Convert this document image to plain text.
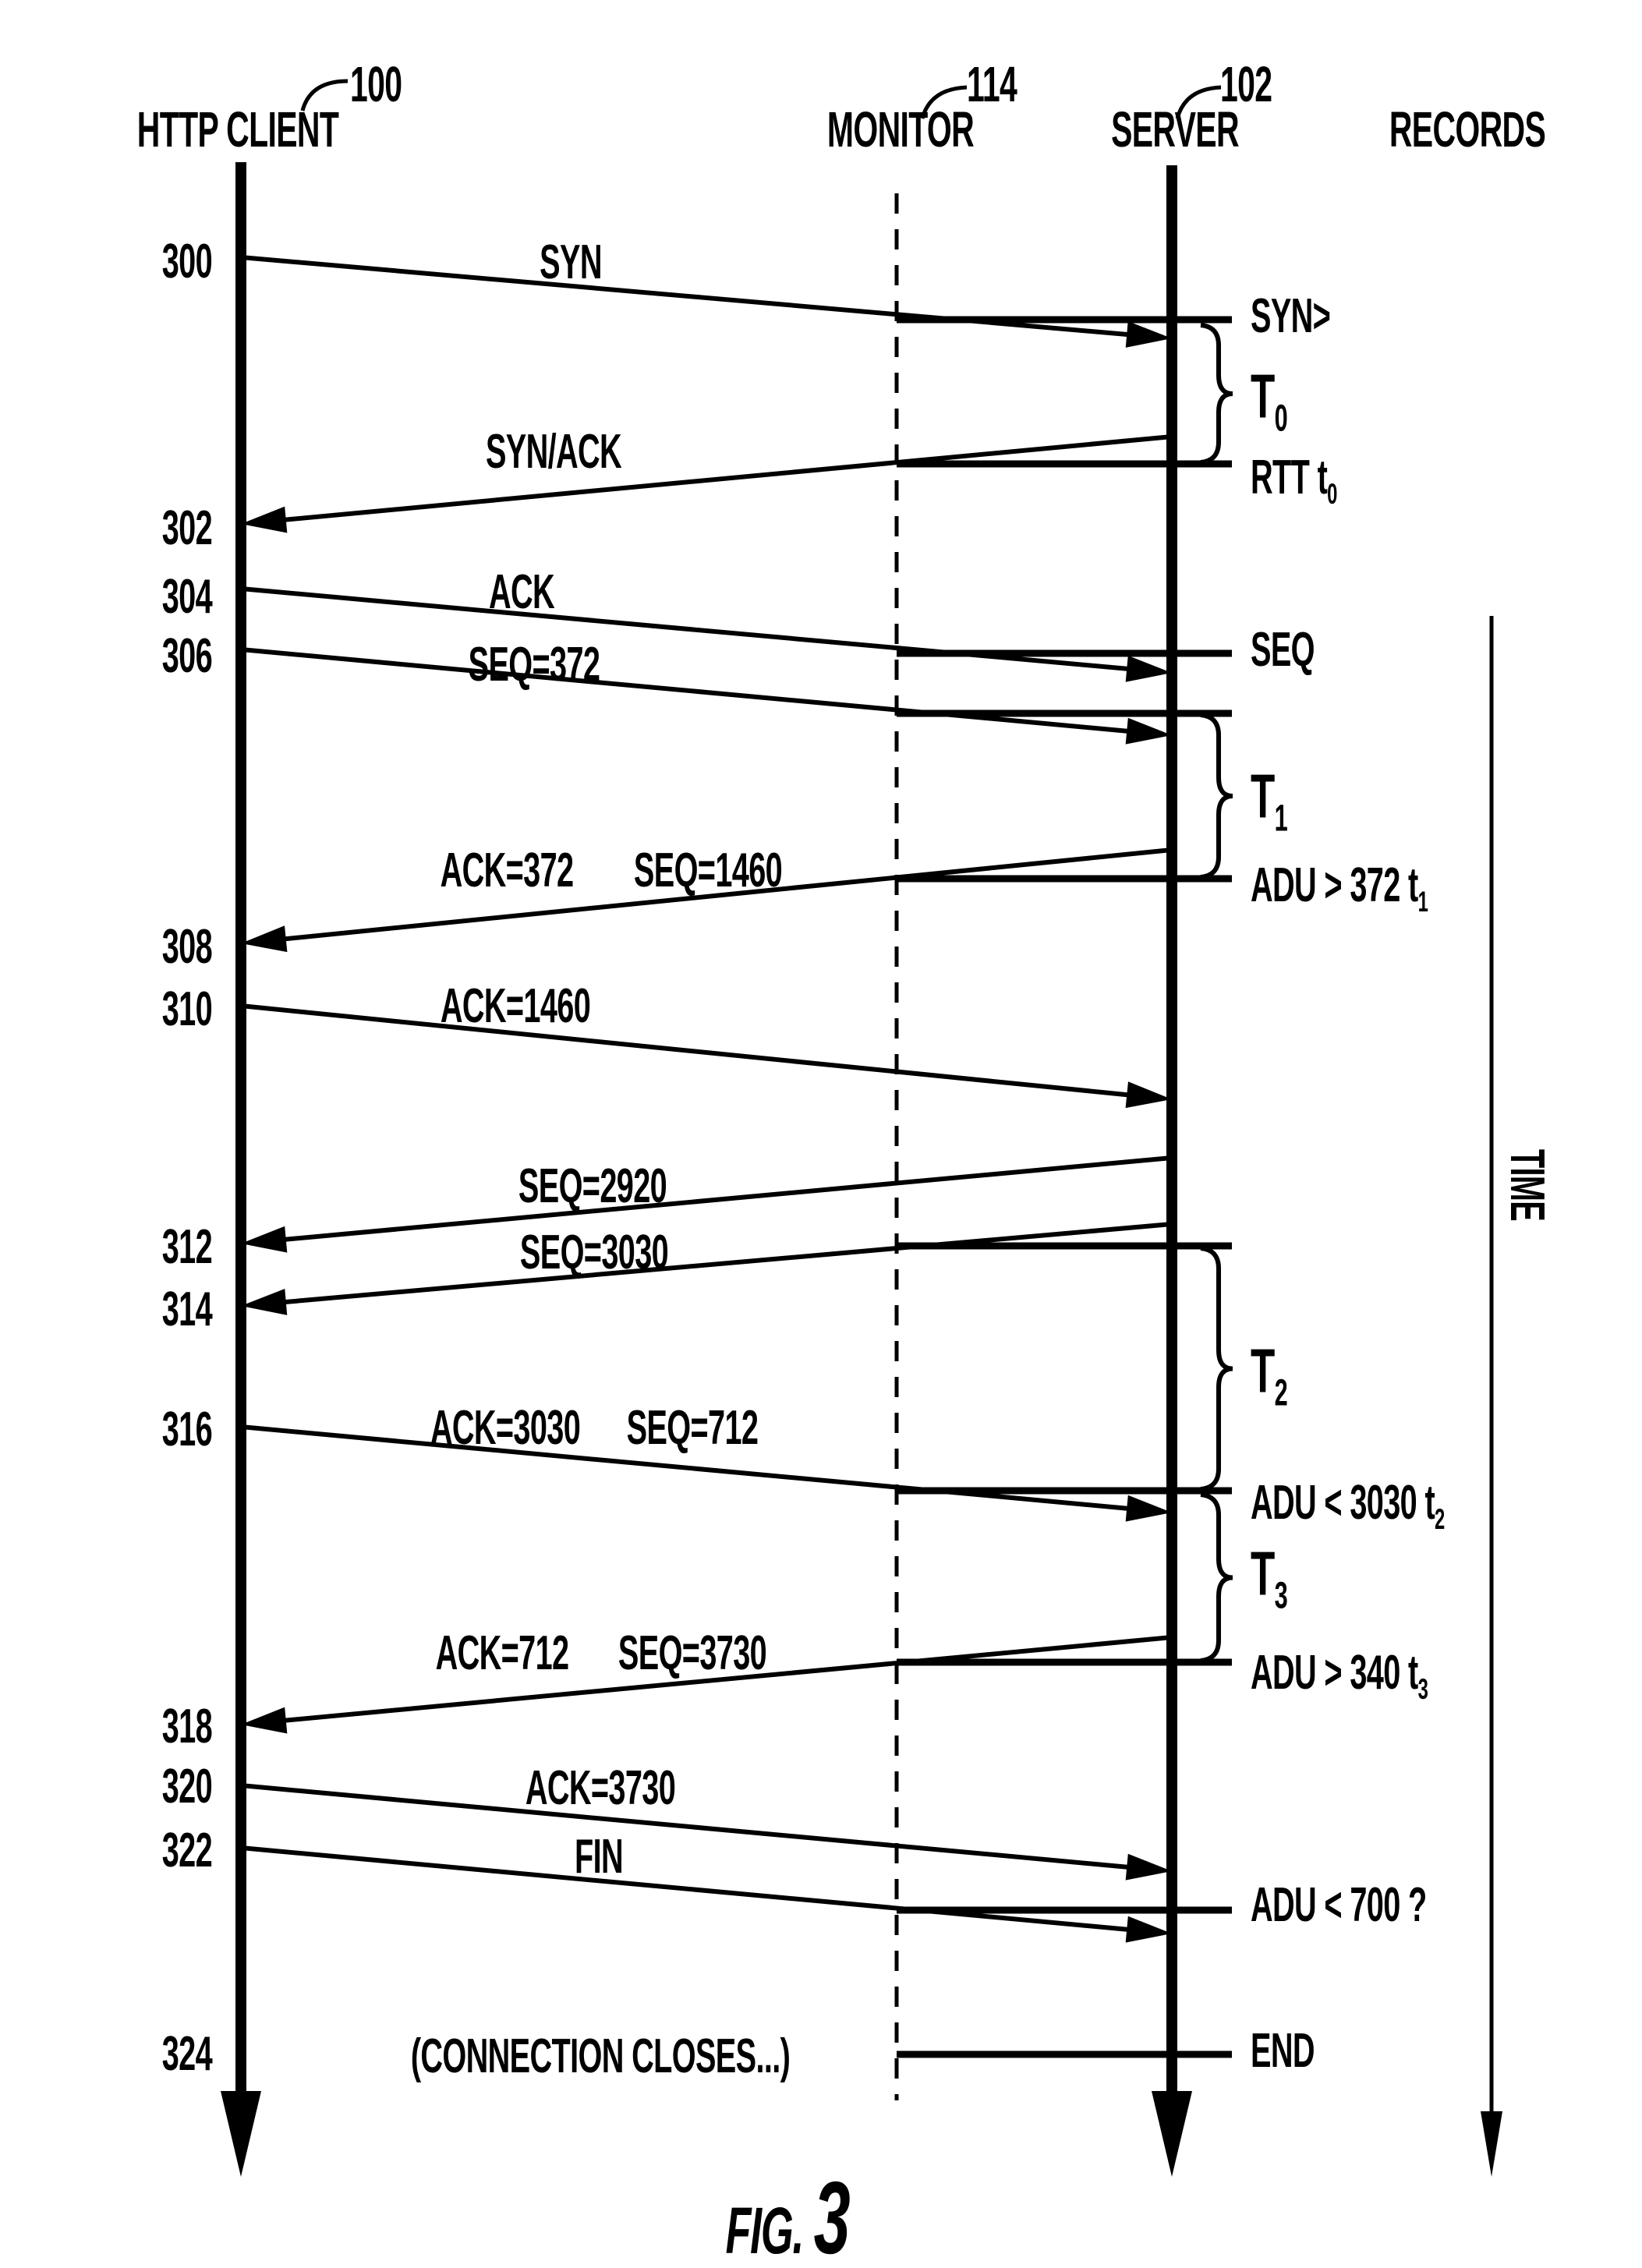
HTTP CLIENT
100
MONITOR
114
SERVER
102
RECORDS
SYN
SYN/ACK
ACK
SEQ=372
ACK=372 SEQ=1460
ACK=1460
SEQ=2920
SEQ=3030
ACK=3030 SEQ=712
ACK=712 SEQ=3730
ACK=3730
FIN
300
302
304
306
308
310
312
314
316
318
320
322
324
SYN>
$T_0$
RTT $t_0$
SEQ
$T_1$
ADU > 372 $t_1$
$T_2$
ADU < 3030 $t_2$
$T_3$
ADU > 340 $t_3$
ADU < 700 ?
END
(CONNECTION CLOSES...)
TIME
FIG. 3
